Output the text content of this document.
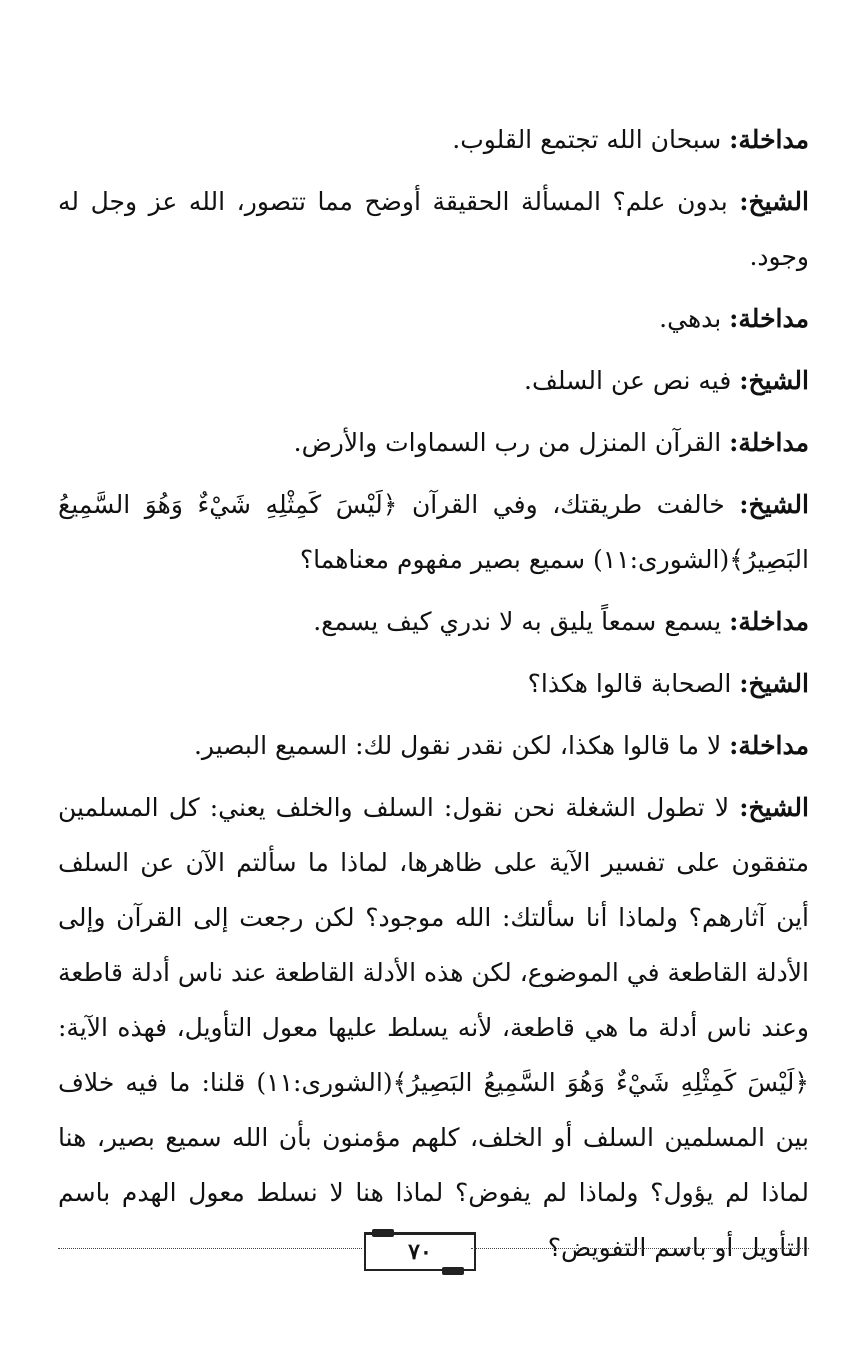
مداخلة: سبحان الله تجتمع القلوب.

الشيخ: بدون علم؟ المسألة الحقيقة أوضح مما تتصور، الله عز وجل له وجود.

مداخلة: بدهي.

الشيخ: فيه نص عن السلف.

مداخلة: القرآن المنزل من رب السماوات والأرض.

الشيخ: خالفت طريقتك، وفي القرآن ﴿لَيْسَ كَمِثْلِهِ شَيْءٌ وَهُوَ السَّمِيعُ البَصِيرُ﴾(الشورى:١١) سميع بصير مفهوم معناهما؟

مداخلة: يسمع سمعاً يليق به لا ندري كيف يسمع.

الشيخ: الصحابة قالوا هكذا؟

مداخلة: لا ما قالوا هكذا، لكن نقدر نقول لك: السميع البصير.

الشيخ: لا تطول الشغلة نحن نقول: السلف والخلف يعني: كل المسلمين متفقون على تفسير الآية على ظاهرها، لماذا ما سألتم الآن عن السلف أين آثارهم؟ ولماذا أنا سألتك: الله موجود؟ لكن رجعت إلى القرآن وإلى الأدلة القاطعة في الموضوع، لكن هذه الأدلة القاطعة عند ناس أدلة قاطعة وعند ناس أدلة ما هي قاطعة، لأنه يسلط عليها معول التأويل، فهذه الآية: ﴿لَيْسَ كَمِثْلِهِ شَيْءٌ وَهُوَ السَّمِيعُ البَصِيرُ﴾(الشورى:١١) قلنا: ما فيه خلاف بين المسلمين السلف أو الخلف، كلهم مؤمنون بأن الله سميع بصير، هنا لماذا لم يؤول؟ ولماذا لم يفوض؟ لماذا هنا لا نسلط معول الهدم باسم التأويل أو باسم التفويض؟

٧٠
